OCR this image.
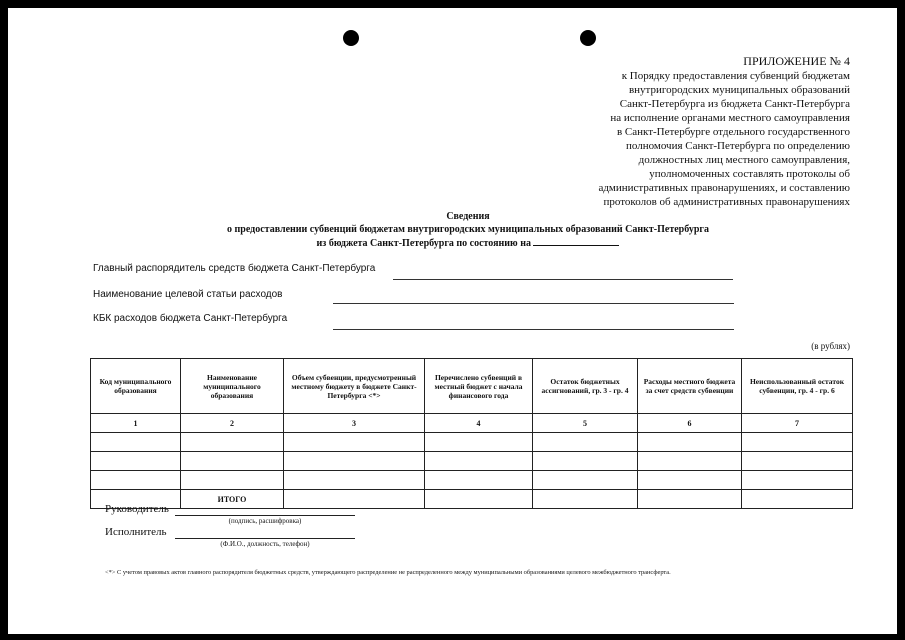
ПРИЛОЖЕНИЕ № 4
к Порядку предоставления субвенций бюджетам
внутригородских муниципальных образований
Санкт-Петербурга из бюджета Санкт-Петербурга
на исполнение органами местного самоуправления
в Санкт-Петербурге отдельного государственного
полномочия Санкт-Петербурга по определению
должностных лиц местного самоуправления,
уполномоченных составлять протоколы об
административных правонарушениях, и составлению
протоколов об административных правонарушениях
Сведения
о предоставлении субвенций бюджетам внутригородских муниципальных образований Санкт-Петербурга
из бюджета Санкт-Петербурга по состоянию на
Главный распорядитель средств бюджета Санкт-Петербурга
Наименование целевой статьи расходов
КБК расходов бюджета Санкт-Петербурга
(в рублях)
Код муниципального образования	Наименование муниципального образования	Объем субвенции, предусмотренный местному бюджету в бюджете Санкт-Петербурга <*>	Перечислено субвенций в местный бюджет с начала финансового года	Остаток бюджетных ассигнований, гр. 3 - гр. 4	Расходы местного бюджета за счет средств субвенции	Неиспользованный остаток субвенции, гр. 4 - гр. 6
1	2	3	4	5	6	7

	ИТОГО					
Руководитель
(подпись, расшифровка)
Исполнитель
(Ф.И.О., должность, телефон)
<*> С учетом правовых актов главного распорядителя бюджетных средств, утверждающего распределение не распределенного между муниципальными образованиями целевого межбюджетного трансферта.
